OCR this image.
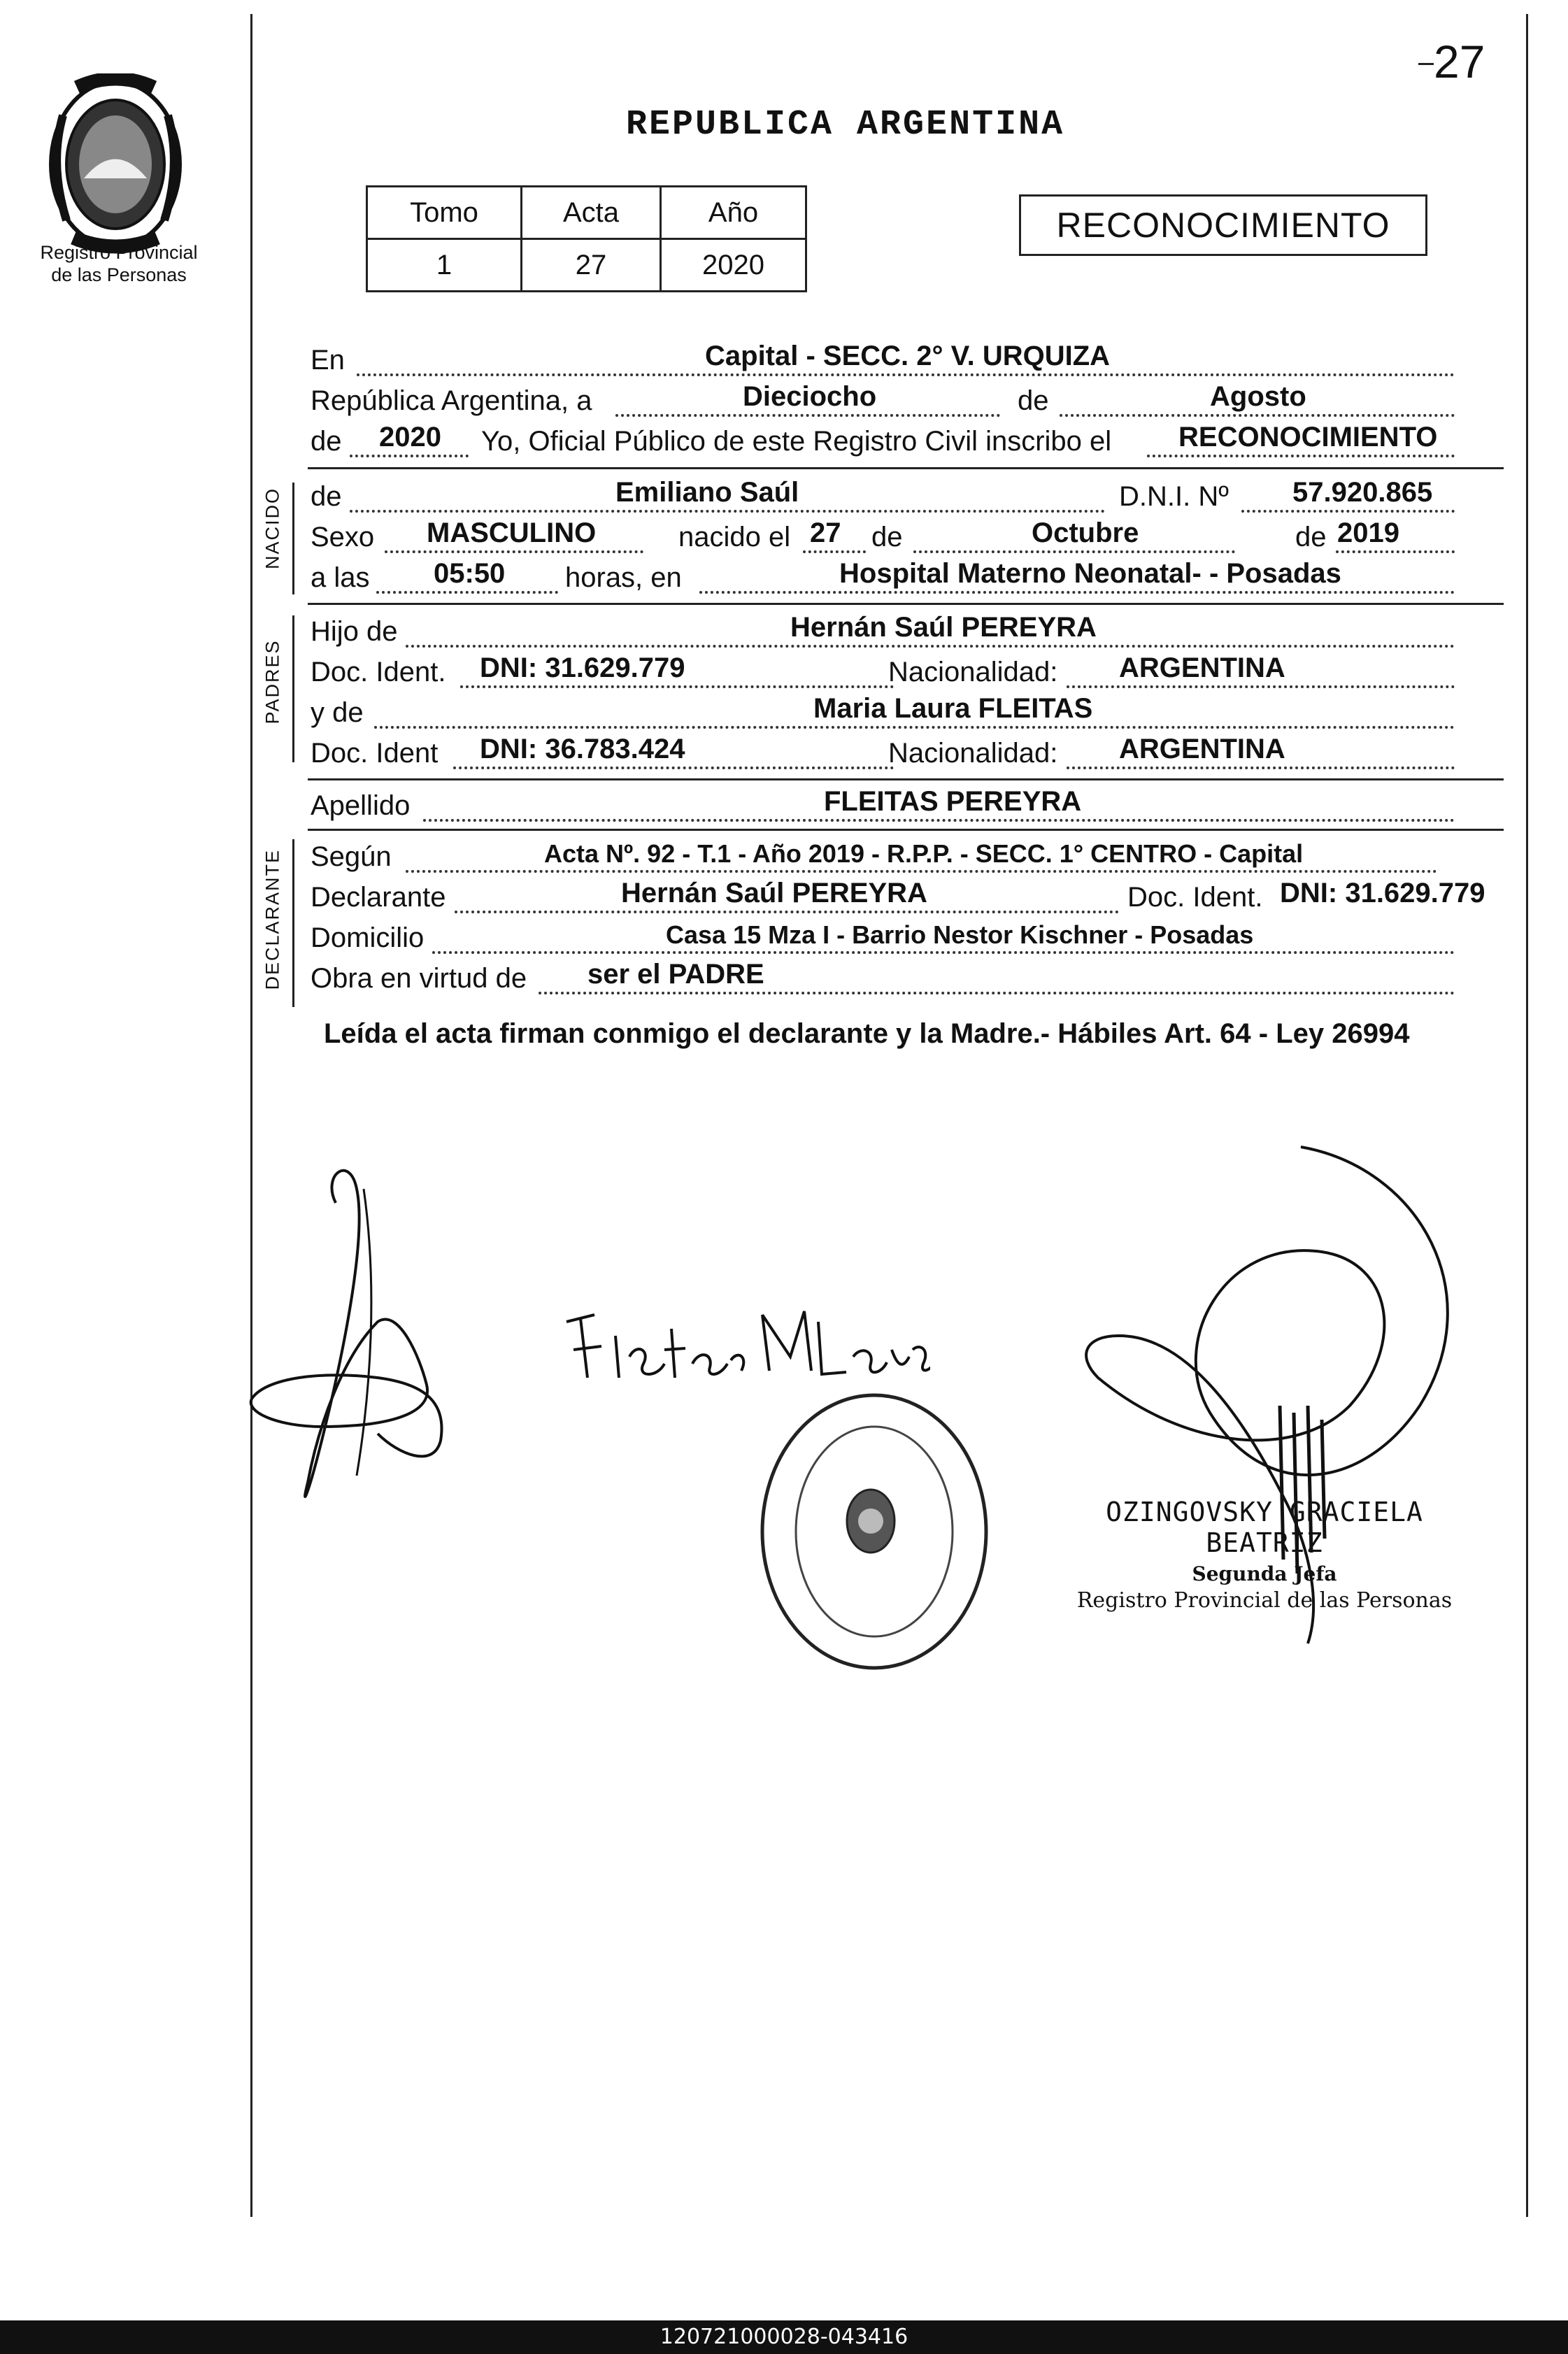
Registro Provincial
de las Personas
27
REPUBLICA ARGENTINA
Tomo	Acta	Año
1	27	2020
RECONOCIMIENTO
En	Capital - SECC. 2° V. URQUIZA
República Argentina, a	Dieciocho	de	Agosto
de 2020 Yo, Oficial Público de este Registro Civil inscribo el RECONOCIMIENTO
NACIDO de	Emiliano Saúl	D.N.I. Nº 57.920.865
Sexo MASCULINO	nacido el 27 de	Octubre	de 2019
a las 05:50 horas, en	Hospital Materno Neonatal- - Posadas
PADRES
Hijo de	Hernán Saúl PEREYRA
Doc. Ident. DNI: 31.629.779	Nacionalidad: ARGENTINA
y de	Maria Laura FLEITAS
Doc. Ident DNI: 36.783.424	Nacionalidad: ARGENTINA
Apellido	FLEITAS PEREYRA
DECLARANTE Según	Acta Nº. 92 - T.1 - Año 2019 - R.P.P. - SECC. 1° CENTRO - Capital
Declarante	Hernán Saúl PEREYRA	Doc. Ident. DNI: 31.629.779
Domicilio	Casa 15 Mza I - Barrio Nestor Kischner - Posadas
Obra en virtud de ser el PADRE
Leída el acta firman conmigo el declarante y la Madre.- Hábiles Art. 64 - Ley 26994
OZINGOVSKY GRACIELA BEATRIZ
Segunda Jefa
Registro Provincial de las Personas
120721000028-043416
